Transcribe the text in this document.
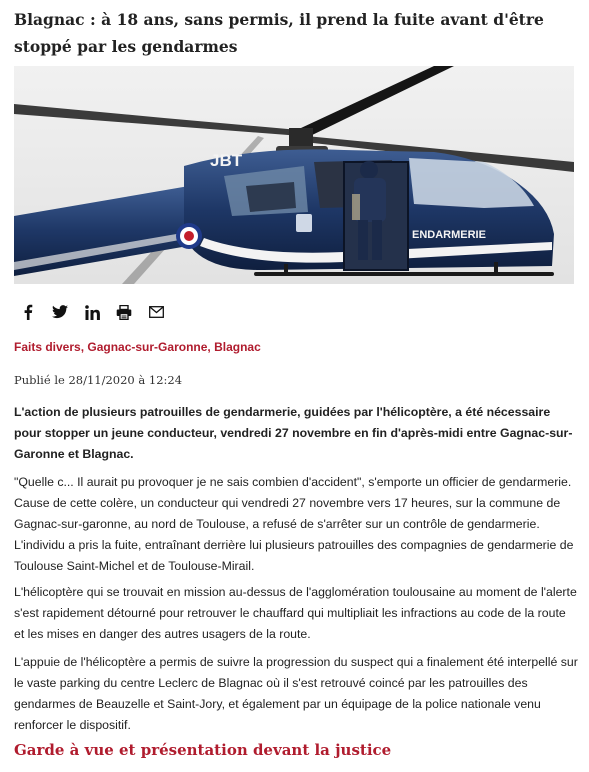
Blagnac : à 18 ans, sans permis, il prend la fuite avant d'être stoppé par les gendarmes
JBT
ENDARMERIE
Faits divers, Gagnac-sur-Garonne, Blagnac
Publié le 28/11/2020 à 12:24

L'action de plusieurs patrouilles de gendarmerie, guidées par l'hélicoptère, a été nécessaire pour stopper un jeune conducteur, vendredi 27 novembre en fin d'après-midi entre Gagnac-sur-Garonne et Blagnac.

"Quelle c... Il aurait pu provoquer je ne sais combien d'accident", s'emporte un officier de gendarmerie. Cause de cette colère, un conducteur qui vendredi 27 novembre vers 17 heures, sur la commune de Gagnac-sur-garonne, au nord de Toulouse, a refusé de s'arrêter sur un contrôle de gendarmerie. L'individu a pris la fuite, entraînant derrière lui plusieurs patrouilles des compagnies de gendarmerie de Toulouse Saint-Michel et de Toulouse-Mirail.

L'hélicoptère qui se trouvait en mission au-dessus de l'agglomération toulousaine au moment de l'alerte s'est rapidement détourné pour retrouver le chauffard qui multipliait les infractions au code de la route et les mises en danger des autres usagers de la route.

L'appuie de l'hélicoptère a permis de suivre la progression du suspect qui a finalement été interpellé sur le vaste parking du centre Leclerc de Blagnac où il s'est retrouvé coincé par les patrouilles des gendarmes de Beauzelle et Saint-Jory, et également par un équipage de la police nationale venu renforcer le dispositif.

Garde à vue et présentation devant la justice
